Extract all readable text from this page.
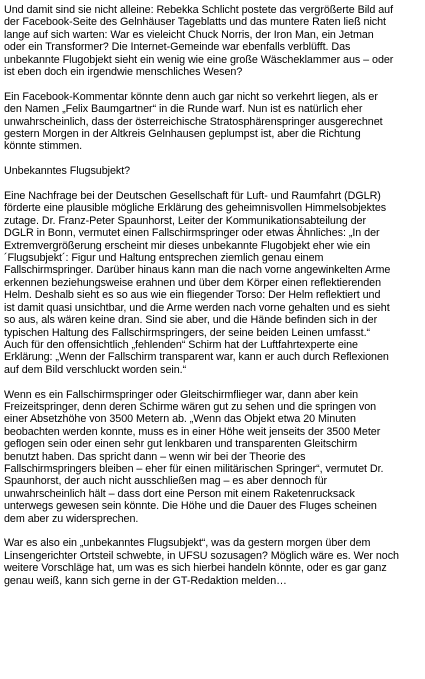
Und damit sind sie nicht alleine: Rebekka Schlicht postete das vergrößerte Bild auf
der Facebook-Seite des Gelnhäuser Tageblatts und das muntere Raten ließ nicht
lange auf sich warten: War es vieleicht Chuck Norris, der Iron Man, ein Jetman
oder ein Transformer? Die Internet-Gemeinde war ebenfalls verblüfft. Das
unbekannte Flugobjekt sieht ein wenig wie eine große Wäscheklammer aus – oder
ist eben doch ein irgendwie menschliches Wesen?

Ein Facebook-Kommentar könnte denn auch gar nicht so verkehrt liegen, als er
den Namen „Felix Baumgartner“ in die Runde warf. Nun ist es natürlich eher
unwahrscheinlich, dass der österreichische Stratosphärenspringer ausgerechnet
gestern Morgen in der Altkreis Gelnhausen geplumpst ist, aber die Richtung
könnte stimmen.

Unbekanntes Flugsubjekt?

Eine Nachfrage bei der Deutschen Gesellschaft für Luft- und Raumfahrt (DGLR)
förderte eine plausible mögliche Erklärung des geheimnisvollen Himmelsobjektes
zutage. Dr. Franz-Peter Spaunhorst, Leiter der Kommunikationsabteilung der
DGLR in Bonn, vermutet einen Fallschirmspringer oder etwas Ähnliches: „In der
Extremvergrößerung erscheint mir dieses unbekannte Flugobjekt eher wie ein
´Flugsubjekt´: Figur und Haltung entsprechen ziemlich genau einem
Fallschirmspringer. Darüber hinaus kann man die nach vorne angewinkelten Arme
erkennen beziehungsweise erahnen und über dem Körper einen reflektierenden
Helm. Deshalb sieht es so aus wie ein fliegender Torso: Der Helm reflektiert und
ist damit quasi unsichtbar, und die Arme werden nach vorne gehalten und es sieht
so aus, als wären keine dran. Sind sie aber, und die Hände befinden sich in der
typischen Haltung des Fallschirmspringers, der seine beiden Leinen umfasst.“
Auch für den offensichtlich „fehlenden“ Schirm hat der Luftfahrtexperte eine
Erklärung: „Wenn der Fallschirm transparent war, kann er auch durch Reflexionen
auf dem Bild verschluckt worden sein.“

Wenn es ein Fallschirmspringer oder Gleitschirmflieger war, dann aber kein
Freizeitspringer, denn deren Schirme wären gut zu sehen und die springen von
einer Absetzhöhe von 3500 Metern ab. „Wenn das Objekt etwa 20 Minuten
beobachten werden konnte, muss es in einer Höhe weit jenseits der 3500 Meter
geflogen sein oder einen sehr gut lenkbaren und transparenten Gleitschirm
benutzt haben. Das spricht dann – wenn wir bei der Theorie des
Fallschirmspringers bleiben – eher für einen militärischen Springer“, vermutet Dr.
Spaunhorst, der auch nicht ausschließen mag – es aber dennoch für
unwahrscheinlich hält – dass dort eine Person mit einem Raketenrucksack
unterwegs gewesen sein könnte. Die Höhe und die Dauer des Fluges scheinen
dem aber zu widersprechen.

War es also ein „unbekanntes Flugsubjekt“, was da gestern morgen über dem
Linsengerichter Ortsteil schwebte, in UFSU sozusagen? Möglich wäre es. Wer noch
weitere Vorschläge hat, um was es sich hierbei handeln könnte, oder es gar ganz
genau weiß, kann sich gerne in der GT-Redaktion melden…
